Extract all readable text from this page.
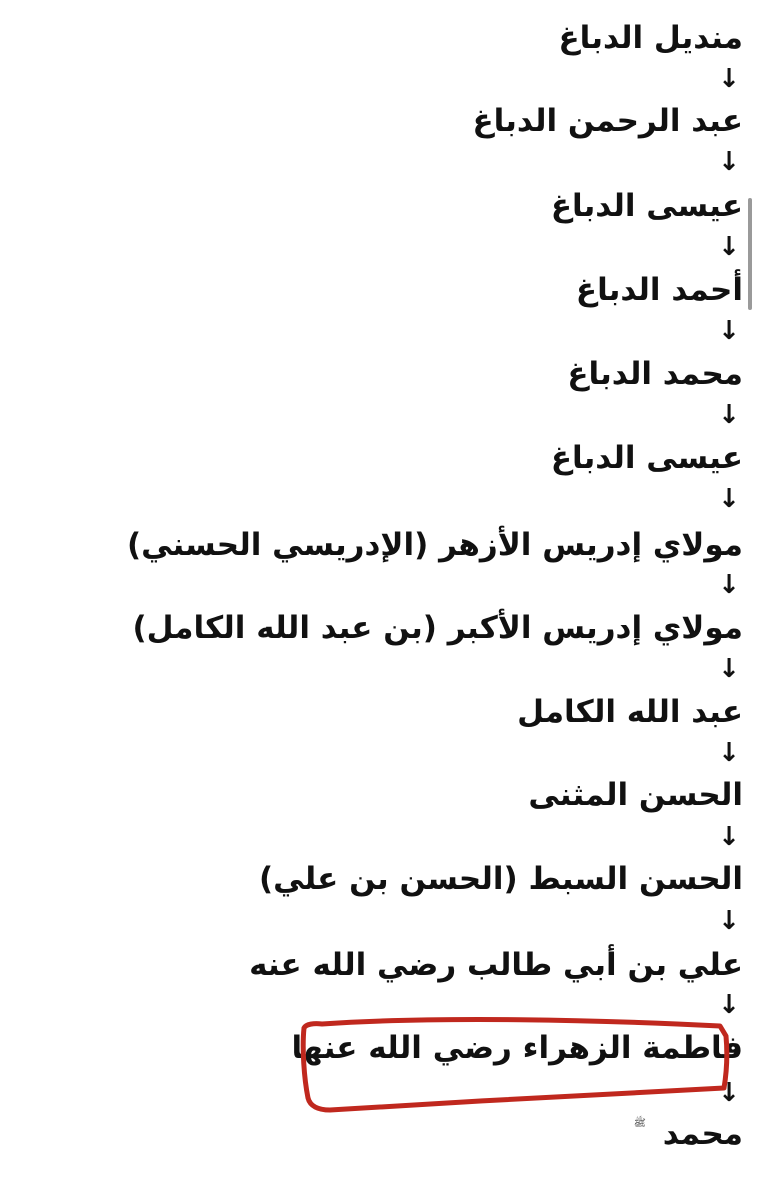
منديل الدباغ
↓
عبد الرحمن الدباغ
↓
عيسى الدباغ
↓
أحمد الدباغ
↓
محمد الدباغ
↓
عيسى الدباغ
↓
مولاي إدريس الأزهر (الإدريسي الحسني)
↓
مولاي إدريس الأكبر (بن عبد الله الكامل)
↓
عبد الله الكامل
↓
الحسن المثنى
↓
الحسن السبط (الحسن بن علي)
↓
علي بن أبي طالب رضي الله عنه
↓
فاطمة الزهراء رضي الله عنها
↓
محمد
ﷺ
